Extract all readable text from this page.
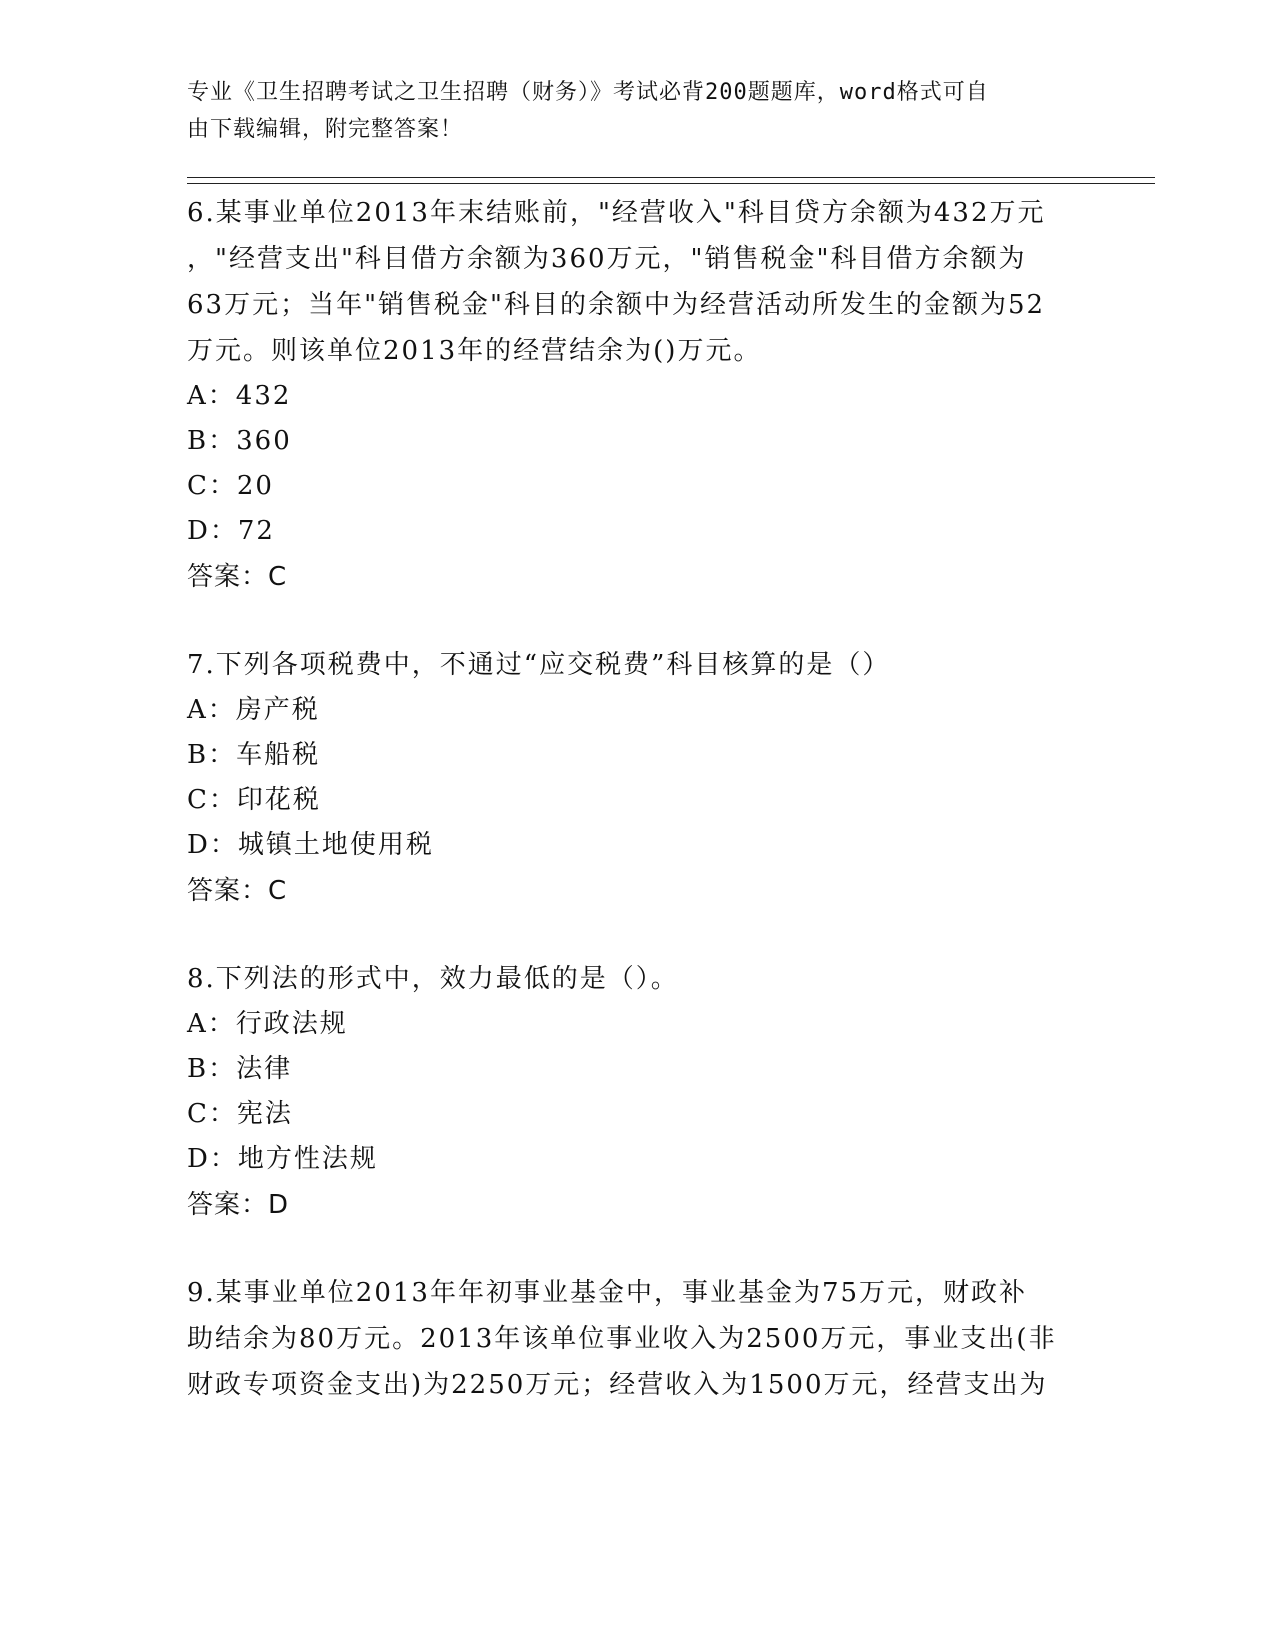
专业《卫生招聘考试之卫生招聘（财务）》考试必背200题题库，word格式可自
由下载编辑，附完整答案！
6.某事业单位2013年末结账前，"经营收入"科目贷方余额为432万元
，"经营支出"科目借方余额为360万元，"销售税金"科目借方余额为
63万元；当年"销售税金"科目的余额中为经营活动所发生的金额为52
万元。则该单位2013年的经营结余为()万元。
A：432
B：360
C：20
D：72
答案：C
7.下列各项税费中，不通过“应交税费”科目核算的是（）
A：房产税
B：车船税
C：印花税
D：城镇土地使用税
答案：C
8.下列法的形式中，效力最低的是（）。
A：行政法规
B：法律
C：宪法
D：地方性法规
答案：D
9.某事业单位2013年年初事业基金中，事业基金为75万元，财政补
助结余为80万元。2013年该单位事业收入为2500万元，事业支出(非
财政专项资金支出)为2250万元；经营收入为1500万元，经营支出为
